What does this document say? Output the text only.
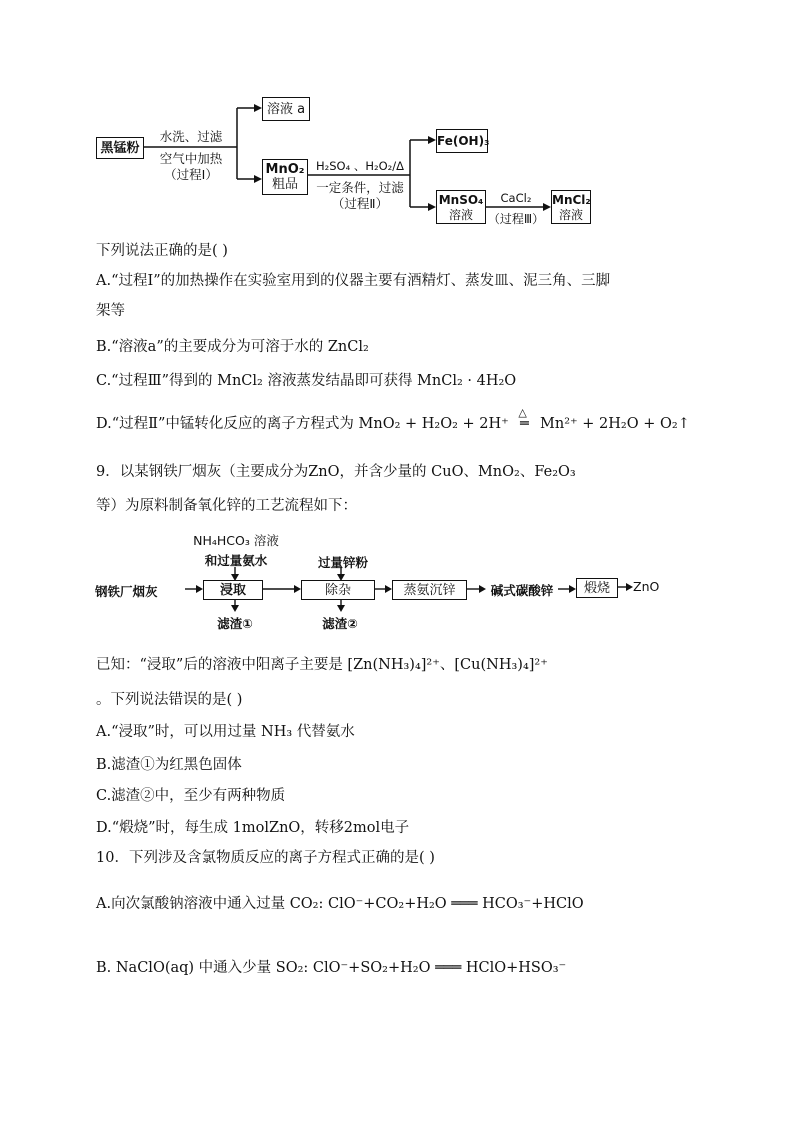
黑锰粉
水洗、过滤
空气中加热
（过程Ⅰ）
溶液 a
MnO₂
粗品
H₂SO₄ 、H₂O₂/Δ
一定条件，过滤
（过程Ⅱ）
Fe(OH)₃
MnSO₄
溶液
CaCl₂
（过程Ⅲ）
MnCl₂
溶液
下列说法正确的是( )
A.“过程Ⅰ”的加热操作在实验室用到的仪器主要有酒精灯、蒸发皿、泥三角、三脚
架等
B.“溶液a”的主要成分为可溶于水的 ZnCl₂
C.“过程Ⅲ”得到的 MnCl₂ 溶液蒸发结晶即可获得 MnCl₂ · 4H₂O
D.“过程Ⅱ”中锰转化反应的离子方程式为 MnO₂ + H₂O₂ + 2H⁺
△
═ Mn²⁺ + 2H₂O + O₂↑
9．以某钢铁厂烟灰（主要成分为ZnO，并含少量的 CuO、MnO₂、Fe₂O₃
等）为原料制备氧化锌的工艺流程如下：
NH₄HCO₃ 溶液
和过量氨水
钢铁厂烟灰	浸取
滤渣①
过量锌粉
除杂
滤渣②
蒸氨沉锌	碱式碳酸锌	煅烧	ZnO
已知：“浸取”后的溶液中阳离子主要是 [Zn(NH₃)₄]²⁺、[Cu(NH₃)₄]²⁺
。下列说法错误的是( )
A.“浸取”时，可以用过量 NH₃ 代替氨水
B.滤渣①为红黑色固体
C.滤渣②中，至少有两种物质
D.“煅烧”时，每生成 1molZnO，转移2mol电子
10．下列涉及含氯物质反应的离子方程式正确的是( )
A.向次氯酸钠溶液中通入过量 CO₂: ClO⁻+CO₂+H₂O ═══ HCO₃⁻+HClO
B. NaClO(aq) 中通入少量 SO₂: ClO⁻+SO₂+H₂O ═══ HClO+HSO₃⁻
